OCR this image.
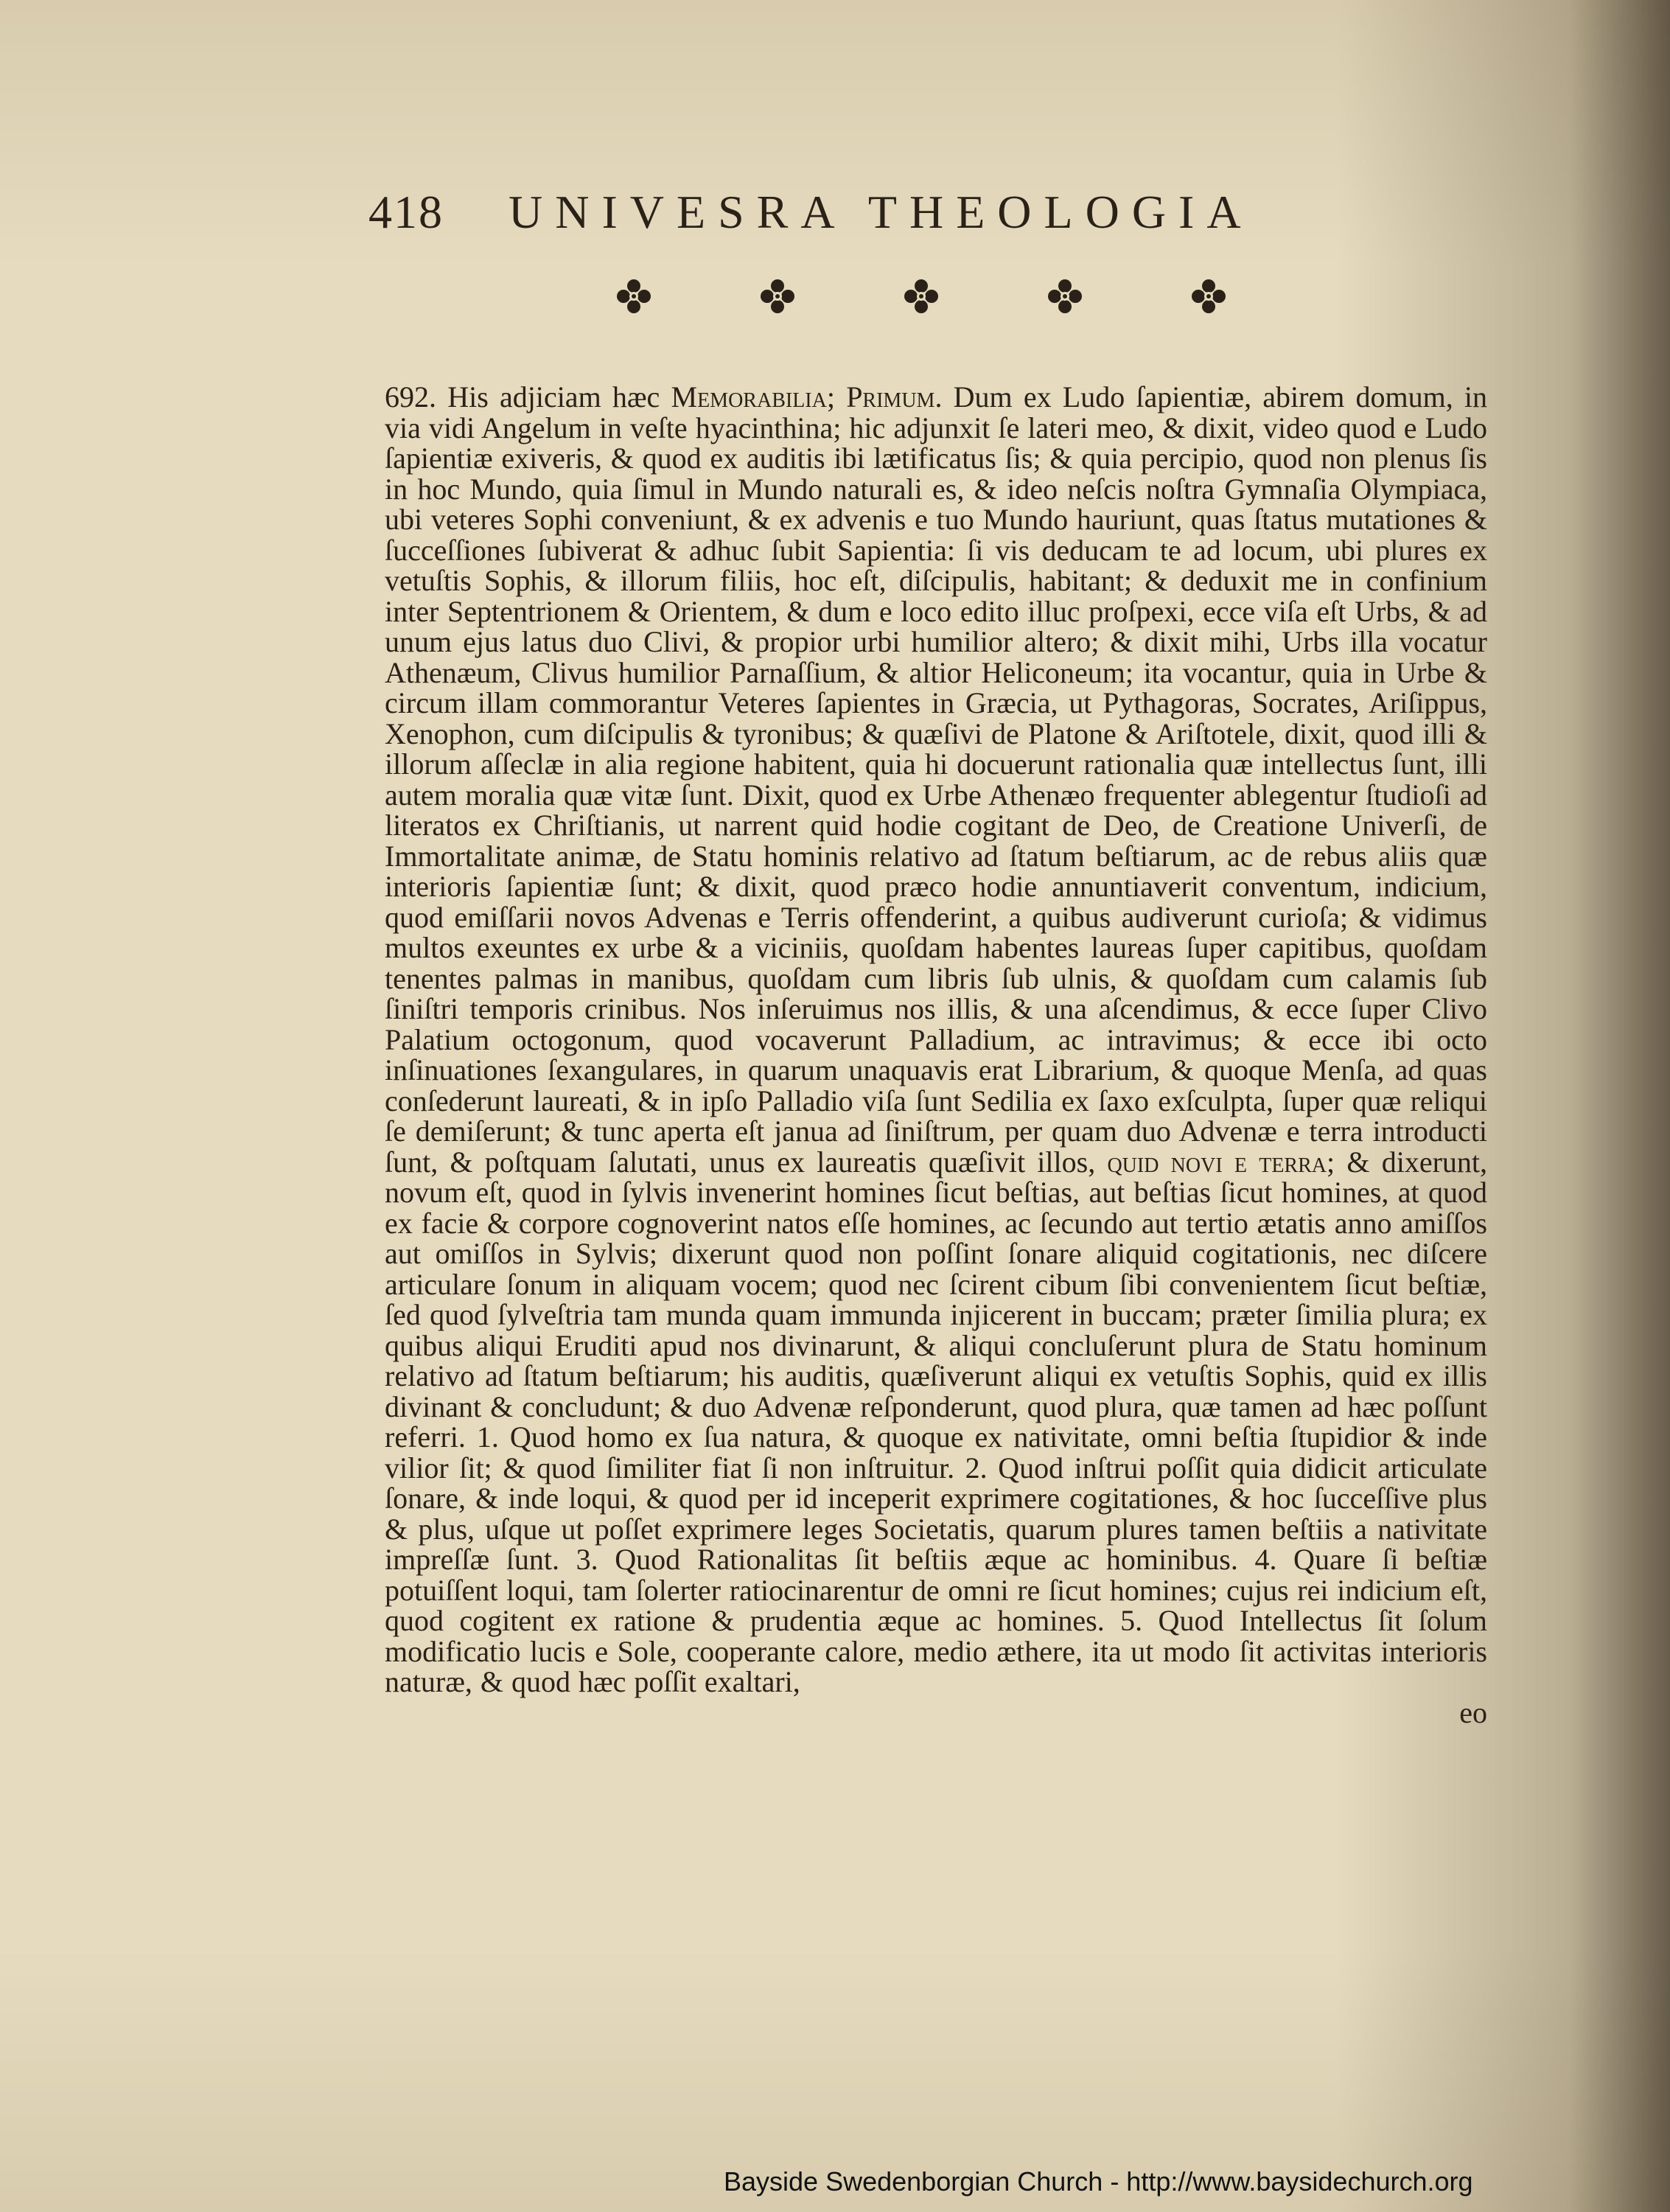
418 UNIVESRA THEOLOGIA

692. His adjiciam hæc Memorabilia; Primum. Dum ex Ludo ſapientiæ, abirem domum, in via vidi Angelum in veſte hyacinthina; hic adjunxit ſe lateri meo, & dixit, video quod e Ludo ſapientiæ exiveris, & quod ex auditis ibi lætificatus ſis; & quia percipio, quod non plenus ſis in hoc Mundo, quia ſimul in Mundo naturali es, & ideo neſcis noſtra Gymnaſia Olympiaca, ubi veteres Sophi conveniunt, & ex advenis e tuo Mundo hauriunt, quas ſtatus mutationes & ſucceſſiones ſubiverat & adhuc ſubit Sapientia: ſi vis deducam te ad locum, ubi plures ex vetuſtis Sophis, & illorum filiis, hoc eſt, diſcipulis, habitant; & deduxit me in confinium inter Septentrionem & Orientem, & dum e loco edito illuc proſpexi, ecce viſa eſt Urbs, & ad unum ejus latus duo Clivi, & propior urbi humilior altero; & dixit mihi, Urbs illa vocatur Athenæum, Clivus humilior Parnaſſium, & altior Heliconeum; ita vocantur, quia in Urbe & circum illam commorantur Veteres ſapientes in Græcia, ut Pythagoras, Socrates, Ariſippus, Xenophon, cum diſcipulis & tyronibus; & quæſivi de Platone & Ariſtotele, dixit, quod illi & illorum aſſeclæ in alia regione habitent, quia hi docuerunt rationalia quæ intellectus ſunt, illi autem moralia quæ vitæ ſunt. Dixit, quod ex Urbe Athenæo frequenter ablegentur ſtudioſi ad literatos ex Chriſtianis, ut narrent quid hodie cogitant de Deo, de Creatione Univerſi, de Immortalitate animæ, de Statu hominis relativo ad ſtatum beſtiarum, ac de rebus aliis quæ interioris ſapientiæ ſunt; & dixit, quod præco hodie annuntiaverit conventum, indicium, quod emiſſarii novos Advenas e Terris offenderint, a quibus audiverunt curioſa; & vidimus multos exeuntes ex urbe & a viciniis, quoſdam habentes laureas ſuper capitibus, quoſdam tenentes palmas in manibus, quoſdam cum libris ſub ulnis, & quoſdam cum calamis ſub ſiniſtri temporis crinibus. Nos inſeruimus nos illis, & una aſcendimus, & ecce ſuper Clivo Palatium octogonum, quod vocaverunt Palladium, ac intravimus; & ecce ibi octo inſinuationes ſexangulares, in quarum unaquavis erat Librarium, & quoque Menſa, ad quas conſederunt laureati, & in ipſo Palladio viſa ſunt Sedilia ex ſaxo exſculpta, ſuper quæ reliqui ſe demiſerunt; & tunc aperta eſt janua ad ſiniſtrum, per quam duo Advenæ e terra introducti ſunt, & poſtquam ſalutati, unus ex laureatis quæſivit illos, quid novi e terra; & dixerunt, novum eſt, quod in ſylvis invenerint homines ſicut beſtias, aut beſtias ſicut homines, at quod ex facie & corpore cognoverint natos eſſe homines, ac ſecundo aut tertio ætatis anno amiſſos aut omiſſos in Sylvis; dixerunt quod non poſſint ſonare aliquid cogitationis, nec diſcere articulare ſonum in aliquam vocem; quod nec ſcirent cibum ſibi convenientem ſicut beſtiæ, ſed quod ſylveſtria tam munda quam immunda injicerent in buccam; præter ſimilia plura; ex quibus aliqui Eruditi apud nos divinarunt, & aliqui concluſerunt plura de Statu hominum relativo ad ſtatum beſtiarum; his auditis, quæſiverunt aliqui ex vetuſtis Sophis, quid ex illis divinant & concludunt; & duo Advenæ reſponderunt, quod plura, quæ tamen ad hæc poſſunt referri. 1. Quod homo ex ſua natura, & quoque ex nativitate, omni beſtia ſtupidior & inde vilior ſit; & quod ſimiliter fiat ſi non inſtruitur. 2. Quod inſtrui poſſit quia didicit articulate ſonare, & inde loqui, & quod per id inceperit exprimere cogitationes, & hoc ſucceſſive plus & plus, uſque ut poſſet exprimere leges Societatis, quarum plures tamen beſtiis a nativitate impreſſæ ſunt. 3. Quod Rationalitas ſit beſtiis æque ac hominibus. 4. Quare ſi beſtiæ potuiſſent loqui, tam ſolerter ratiocinarentur de omni re ſicut homines; cujus rei indicium eſt, quod cogitent ex ratione & prudentia æque ac homines. 5. Quod Intellectus ſit ſolum modificatio lucis e Sole, cooperante calore, medio æthere, ita ut modo ſit activitas interioris naturæ, & quod hæc poſſit exaltari,
eo

Bayside Swedenborgian Church - http://www.baysidechurch.org
